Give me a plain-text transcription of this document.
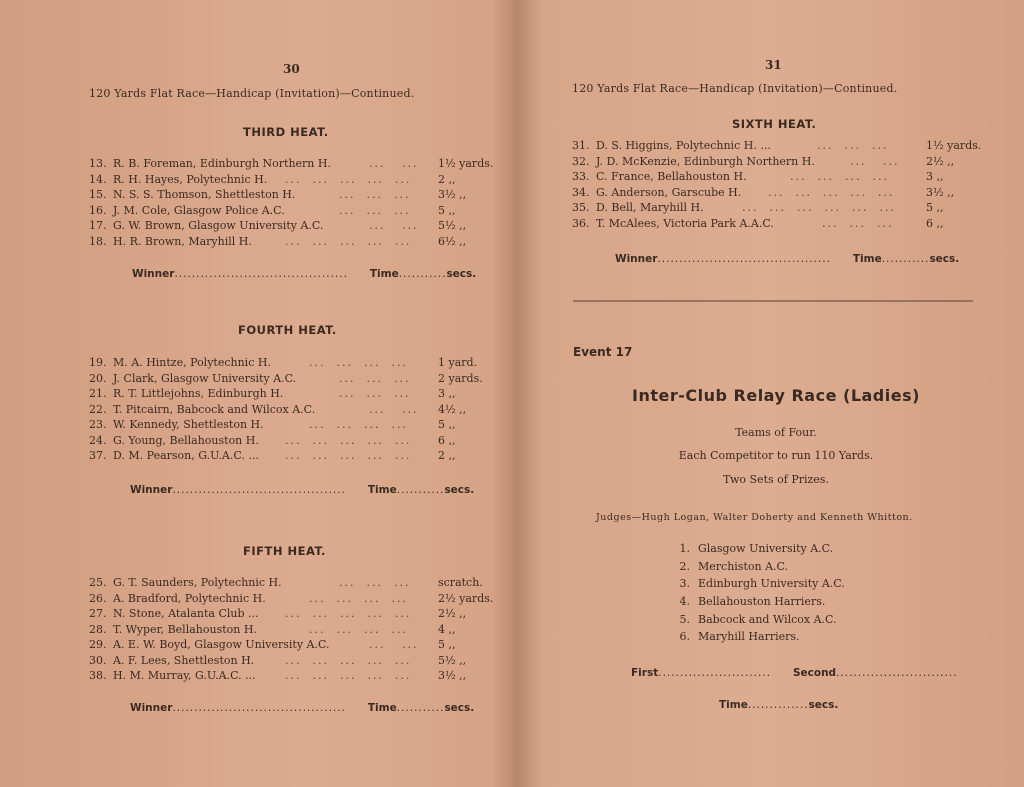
30
120 Yards Flat Race—Handicap (Invitation)—Continued.
THIRD HEAT.
13. R. B. Foreman, Edinburgh Northern H.	...   ... 1½ yards.
14. R. H. Hayes, Polytechnic H. ...  ...  ...  ...  ... 2 ,,
15. N. S. S. Thomson, Shettleston H.	...  ...  ...	3½ ,,
16. J. M. Cole, Glasgow Police A.C.	...  ...  ...	5 ,,
17. G. W. Brown, Glasgow University A.C.	...   ... 5½ ,,
18. H. R. Brown, Maryhill H.	...  ...  ...  ...  ... 6½ ,,
Winner........................................ Time...........secs.
FOURTH HEAT.
19. M. A. Hintze, Polytechnic H.	...  ...  ...  ...	1 yard.
20. J. Clark, Glasgow University A.C.	...  ...  ...	2 yards.
21. R. T. Littlejohns, Edinburgh H.	...  ...  ...	3 ,,
22. T. Pitcairn, Babcock and Wilcox A.C.	...   ... 4½ ,,
23. W. Kennedy, Shettleston H.	...  ...  ...  ...	5 ,,
24. G. Young, Bellahouston H. ...  ...  ...  ...  ... 6 ,,
37. D. M. Pearson, G.U.A.C. ... ...  ...  ...  ...  ... 2 ,,
Winner........................................ Time...........secs.
FIFTH HEAT.
25. G. T. Saunders, Polytechnic H.	...  ...  ...	scratch.
26. A. Bradford, Polytechnic H.	...  ...  ...  ...	2½ yards.
27. N. Stone, Atalanta Club ... ...  ...  ...  ...  ... 2½ ,,
28. T. Wyper, Bellahouston H.	...  ...  ...  ...	4 ,,
29. A. E. W. Boyd, Glasgow University A.C.	...   ... 5 ,,
30. A. F. Lees, Shettleston H.	...  ...  ...  ...  ... 5½ ,,
38. H. M. Murray, G.U.A.C. ...	...  ...  ...  ...  ... 3½ ,,
Winner........................................ Time...........secs.
31
120 Yards Flat Race—Handicap (Invitation)—Continued.
SIXTH HEAT.
31. D. S. Higgins, Polytechnic H. ...	...  ...  ...	1½ yards.
32. J. D. McKenzie, Edinburgh Northern H.	...   ... 2½ ,,
33. C. France, Bellahouston H.	...  ...  ...  ...	3 ,,
34. G. Anderson, Garscube H. ...  ...  ...  ...  ...	3½ ,,
35. D. Bell, Maryhill H.	...  ...  ...  ...  ...  ...	5 ,,
36. T. McAlees, Victoria Park A.A.C.	...  ...  ...	6 ,,
Winner........................................ Time...........secs.
Event 17
Inter-Club Relay Race (Ladies)
Teams of Four.
Each Competitor to run 110 Yards.
Two Sets of Prizes.
Judges—Hugh Logan, Walter Doherty and Kenneth Whitton.
1. Glasgow University A.C.
2. Merchiston A.C.
3. Edinburgh University A.C.
4. Bellahouston Harriers.
5. Babcock and Wilcox A.C.
6. Maryhill Harriers.
First.......................... Second............................
Time..............secs.
